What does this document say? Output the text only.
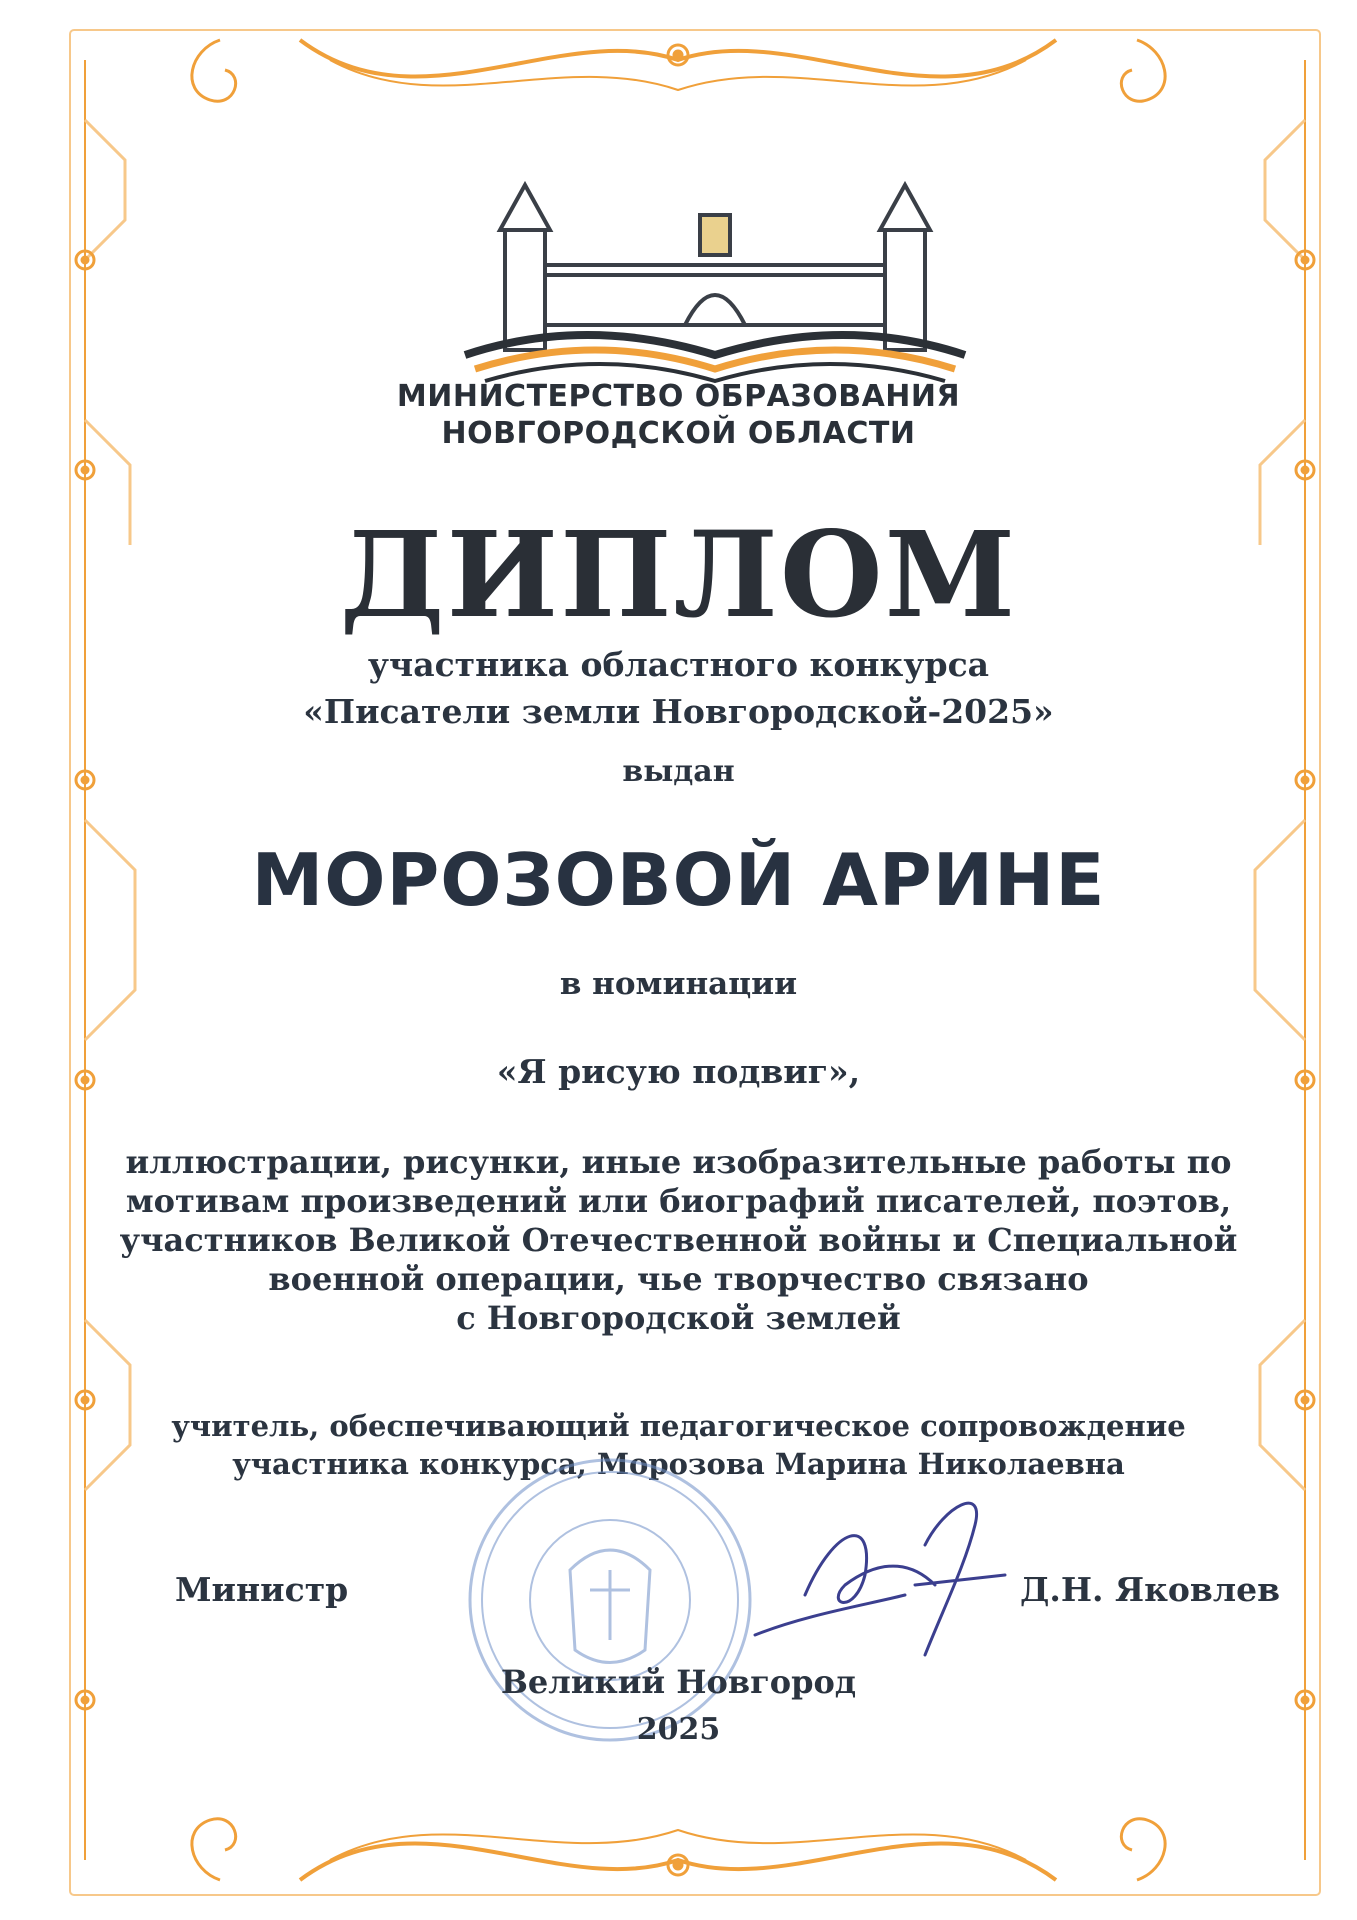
МИНИСТЕРСТВО ОБРАЗОВАНИЯ
НОВГОРОДСКОЙ ОБЛАСТИ
ДИПЛОМ
участника областного конкурса
«Писатели земли Новгородской-2025»
выдан
МОРОЗОВОЙ АРИНЕ
в номинации
«Я рисую подвиг»,
иллюстрации, рисунки, иные изобразительные работы по
мотивам произведений или биографий писателей, поэтов,
участников Великой Отечественной войны и Специальной
военной операции, чье творчество связано
с Новгородской землей
учитель, обеспечивающий педагогическое сопровождение
участника конкурса, Морозова Марина Николаевна
Министр	Д.Н. Яковлев
Великий Новгород
2025
